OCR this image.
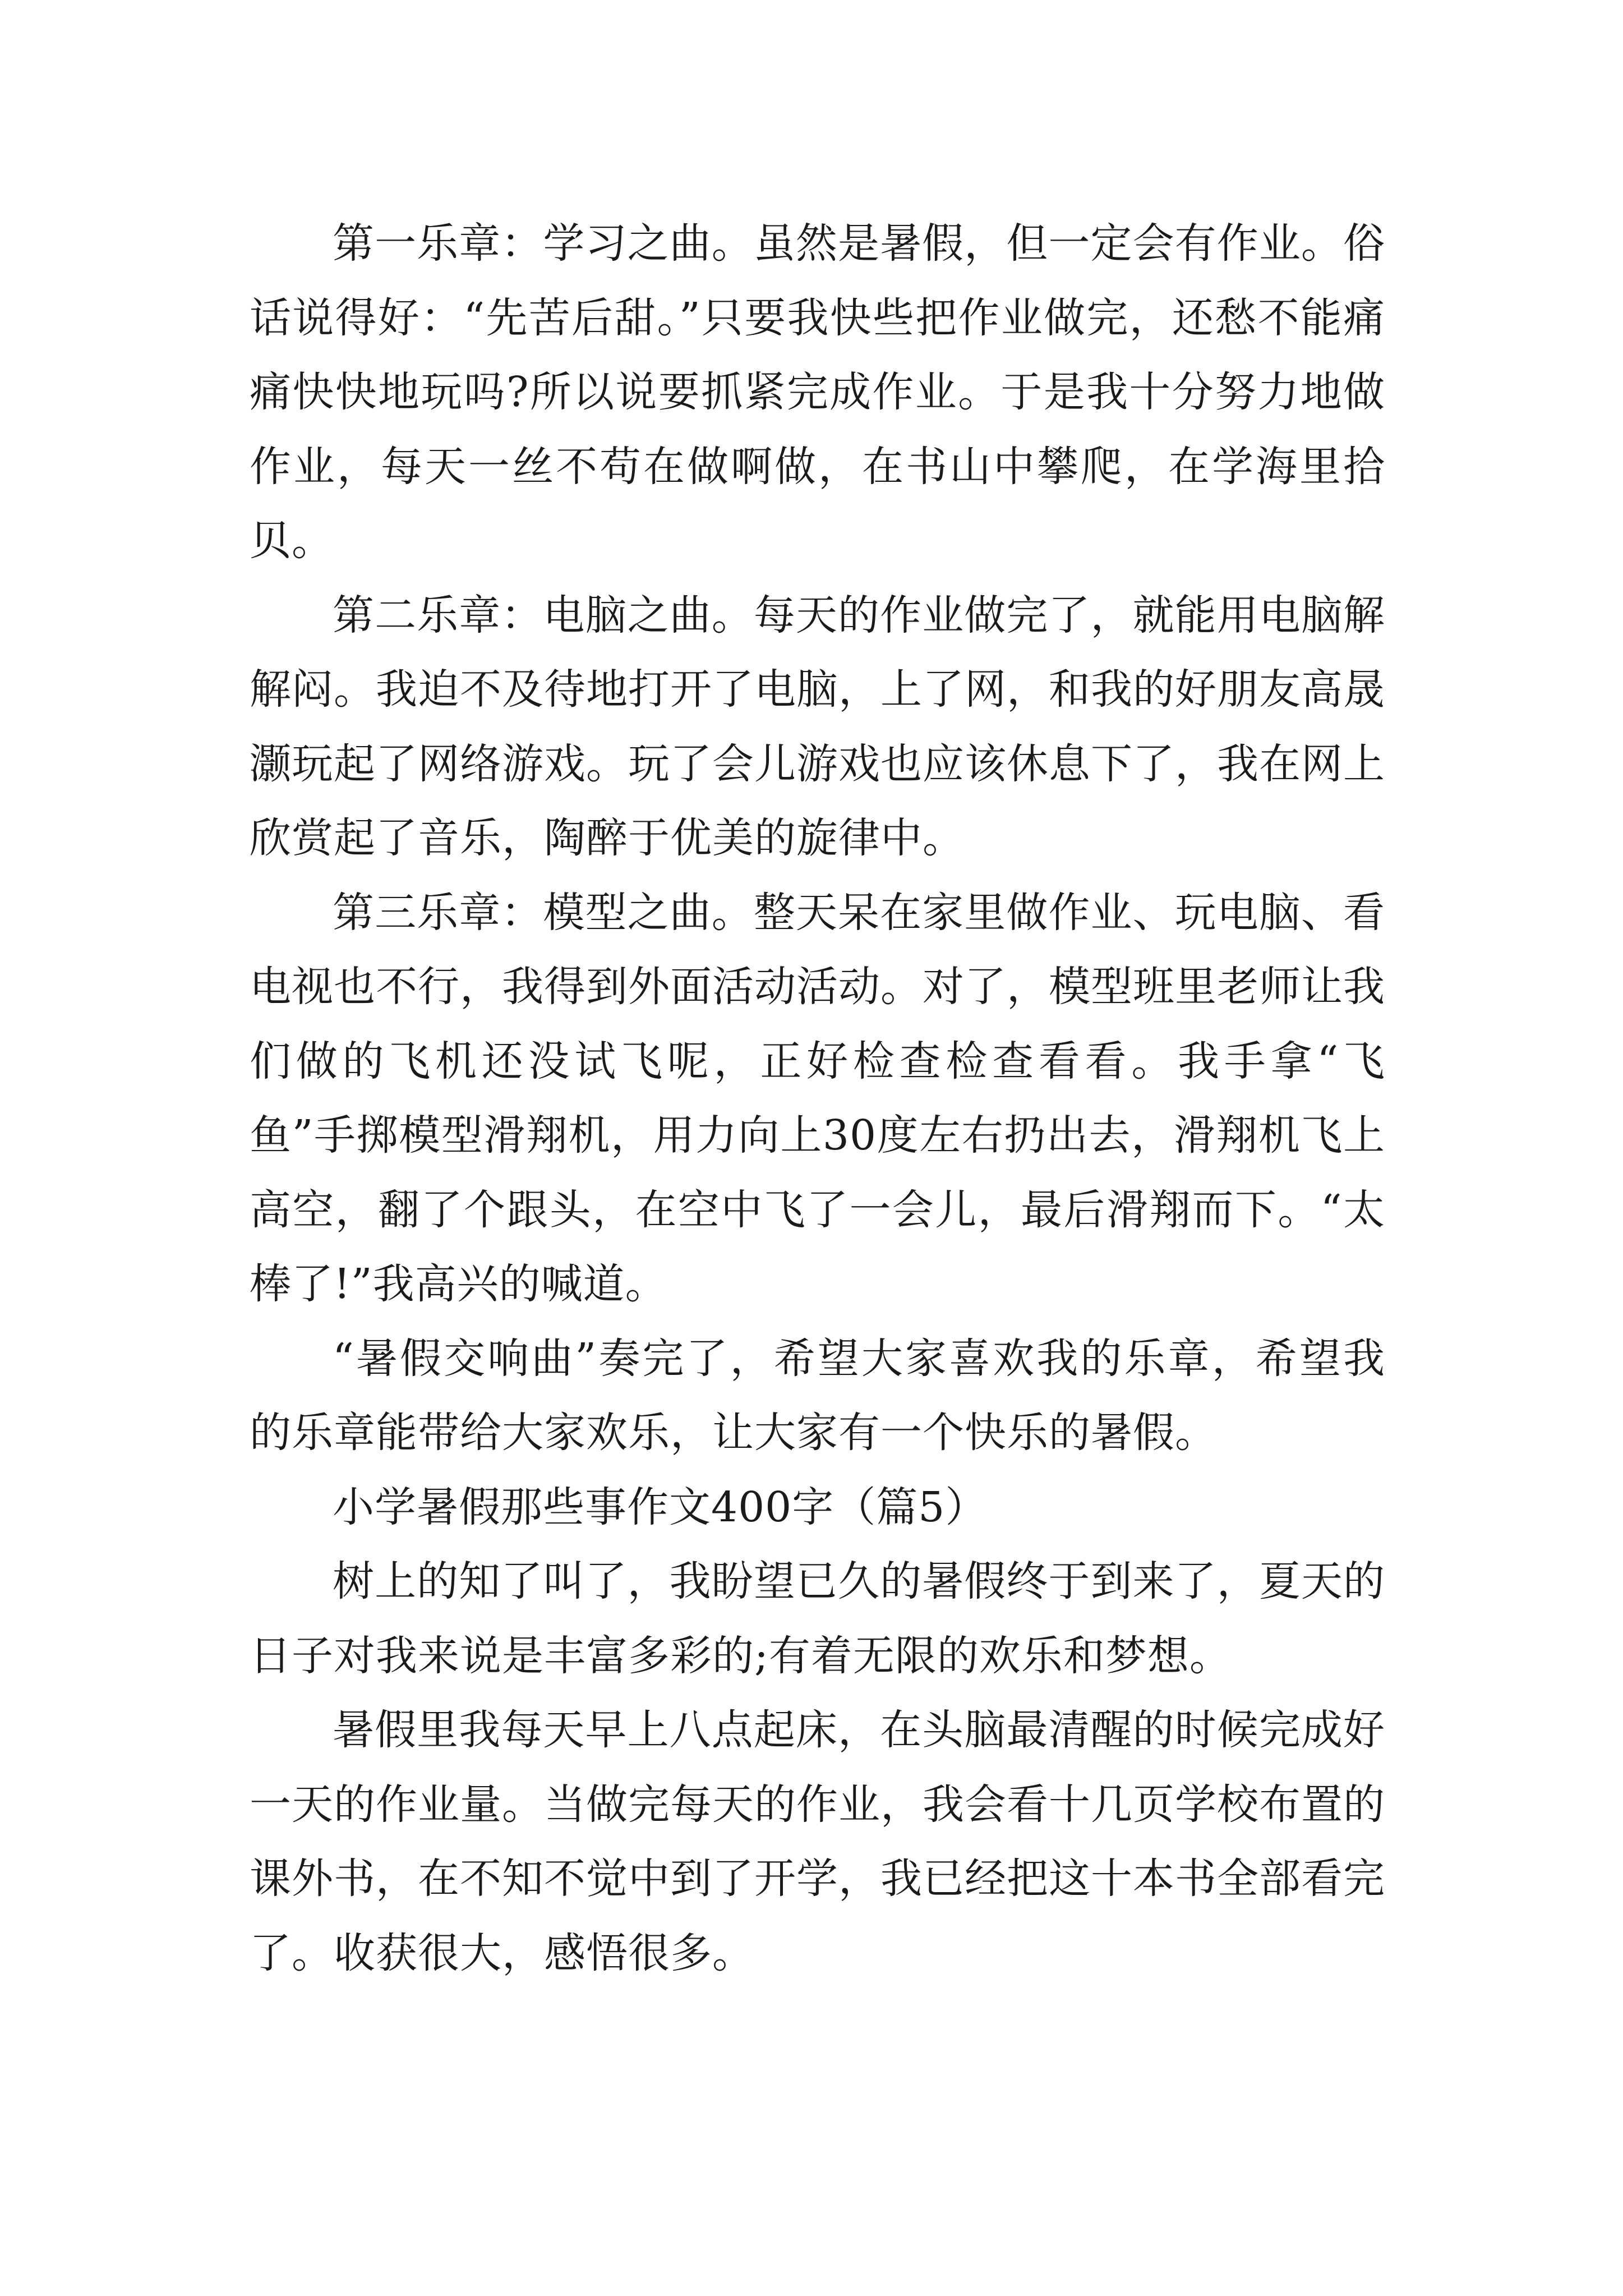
第一乐章：学习之曲。虽然是暑假，但一定会有作业。俗话说得好：“先苦后甜。”只要我快些把作业做完，还愁不能痛痛快快地玩吗?所以说要抓紧完成作业。于是我十分努力地做作业，每天一丝不苟在做啊做，在书山中攀爬，在学海里拾贝。

第二乐章：电脑之曲。每天的作业做完了，就能用电脑解解闷。我迫不及待地打开了电脑，上了网，和我的好朋友高晟灏玩起了网络游戏。玩了会儿游戏也应该休息下了，我在网上欣赏起了音乐，陶醉于优美的旋律中。

第三乐章：模型之曲。整天呆在家里做作业、玩电脑、看电视也不行，我得到外面活动活动。对了，模型班里老师让我们做的飞机还没试飞呢，正好检查检查看看。我手拿“飞鱼”手掷模型滑翔机，用力向上30度左右扔出去，滑翔机飞上高空，翻了个跟头，在空中飞了一会儿，最后滑翔而下。“太棒了!”我高兴的喊道。

“暑假交响曲”奏完了，希望大家喜欢我的乐章，希望我的乐章能带给大家欢乐，让大家有一个快乐的暑假。

小学暑假那些事作文400字（篇5）

树上的知了叫了，我盼望已久的暑假终于到来了，夏天的日子对我来说是丰富多彩的;有着无限的欢乐和梦想。

暑假里我每天早上八点起床，在头脑最清醒的时候完成好一天的作业量。当做完每天的作业，我会看十几页学校布置的课外书，在不知不觉中到了开学，我已经把这十本书全部看完了。收获很大，感悟很多。
